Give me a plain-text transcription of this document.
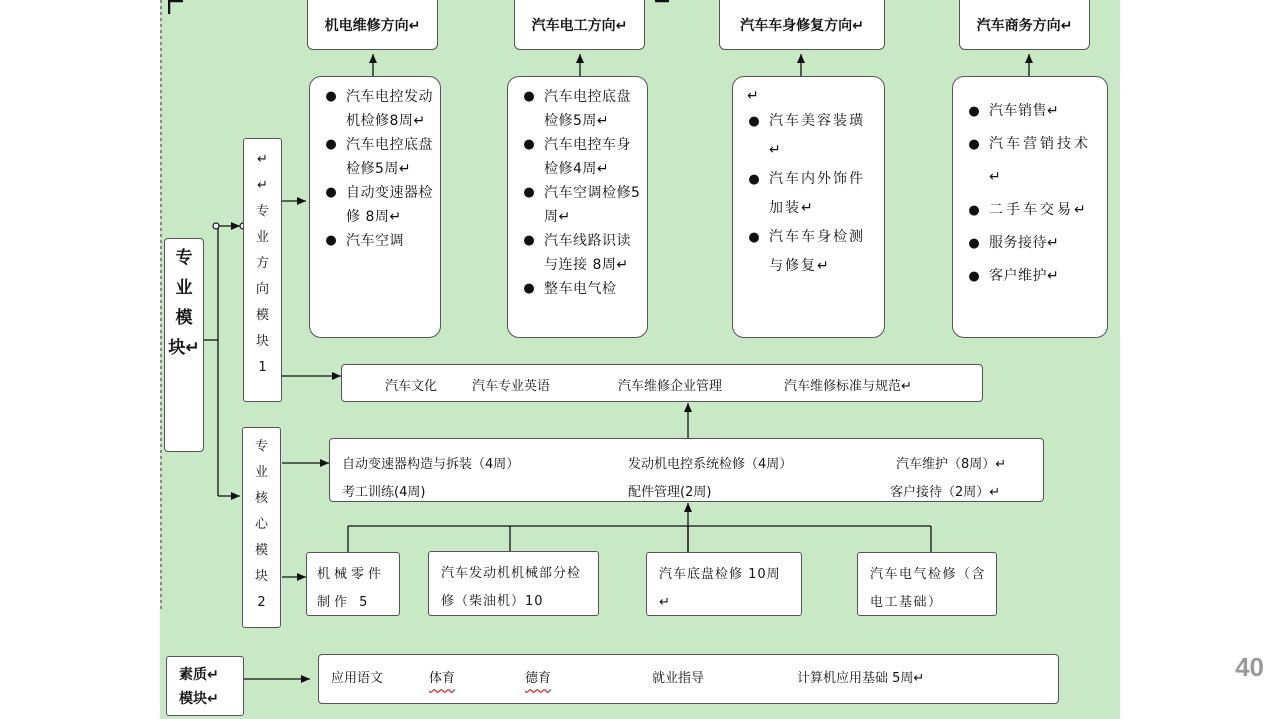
机电维修方向↵	汽车电工方向↵	汽车车身修复方向↵	汽车商务方向↵
● 汽车电控发动机检修8周↵
● 汽车电控底盘检修5周↵
● 自动变速器检修 8周↵
● 汽车空调
● 汽车电控底盘检修5周↵
● 汽车电控车身检修4周↵
● 汽车空调检修5周↵
● 汽车线路识读与连接 8周↵
● 整车电气检
↵
● 汽车美容装璜↵
● 汽车内外饰件加装↵
● 汽车车身检测与修复↵
● 汽车销售↵
● 汽车营销技术↵
● 二手车交易↵
● 服务接待↵
● 客户维护↵
专
业
模
块↵
↵
↵
专
业
方
向
模
块
1
专
业
核
心
模
块
2
汽车文化	汽车专业英语	汽车维修企业管理	汽车维修标准与规范↵
自动变速器构造与拆装（4周）	发动机电控系统检修（4周）	汽车维护（8周）↵
考工训练(4周)	配件管理(2周)	客户接待（2周）↵
机械零件制作 5
汽车发动机机械部分检修（柴油机）10
汽车底盘检修 10周↵
汽车电气检修（含电工基础）
素质↵
模块↵
应用语文	体育	德育	就业指导	计算机应用基础 5周↵	40
